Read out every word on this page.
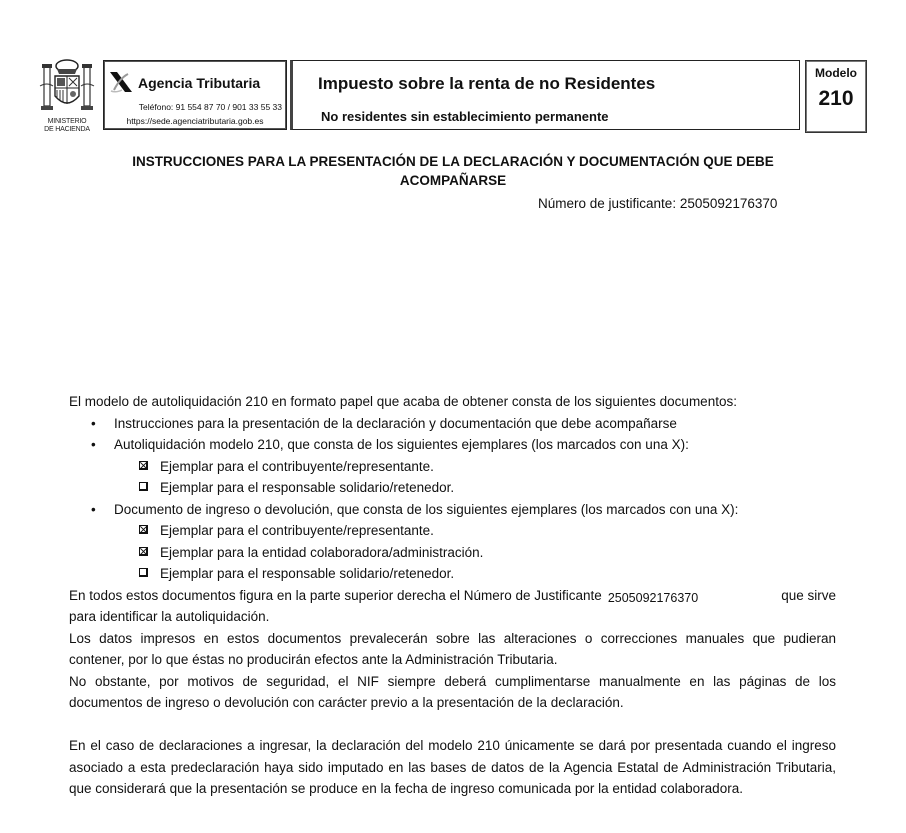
MINISTERIO
DE HACIENDA
Agencia Tributaria
Teléfono: 91 554 87 70 / 901 33 55 33
https://sede.agenciatributaria.gob.es
Impuesto sobre la renta de no Residentes
No residentes sin establecimiento permanente
Modelo
210
INSTRUCCIONES PARA LA PRESENTACIÓN DE LA DECLARACIÓN Y DOCUMENTACIÓN QUE DEBE
ACOMPAÑARSE
Número de justificante: 2505092176370
El modelo de autoliquidación 210 en formato papel que acaba de obtener consta de los siguientes documentos:
• Instrucciones para la presentación de la declaración y documentación que debe acompañarse
• Autoliquidación modelo 210, que consta de los siguientes ejemplares (los marcados con una X):
Ejemplar para el contribuyente/representante.
Ejemplar para el responsable solidario/retenedor.
• Documento de ingreso o devolución, que consta de los siguientes ejemplares (los marcados con una X):
Ejemplar para el contribuyente/representante.
Ejemplar para la entidad colaboradora/administración.
Ejemplar para el responsable solidario/retenedor.
En todos estos documentos figura en la parte superior derecha el Número de Justificante 2505092176370	que sirve
para identificar la autoliquidación.
Los datos impresos en estos documentos prevalecerán sobre las alteraciones o correcciones manuales que pudieran
contener, por lo que éstas no producirán efectos ante la Administración Tributaria.
No obstante, por motivos de seguridad, el NIF siempre deberá cumplimentarse manualmente en las páginas de los
documentos de ingreso o devolución con carácter previo a la presentación de la declaración.
En el caso de declaraciones a ingresar, la declaración del modelo 210 únicamente se dará por presentada cuando el ingreso
asociado a esta predeclaración haya sido imputado en las bases de datos de la Agencia Estatal de Administración Tributaria,
que considerará que la presentación se produce en la fecha de ingreso comunicada por la entidad colaboradora.
